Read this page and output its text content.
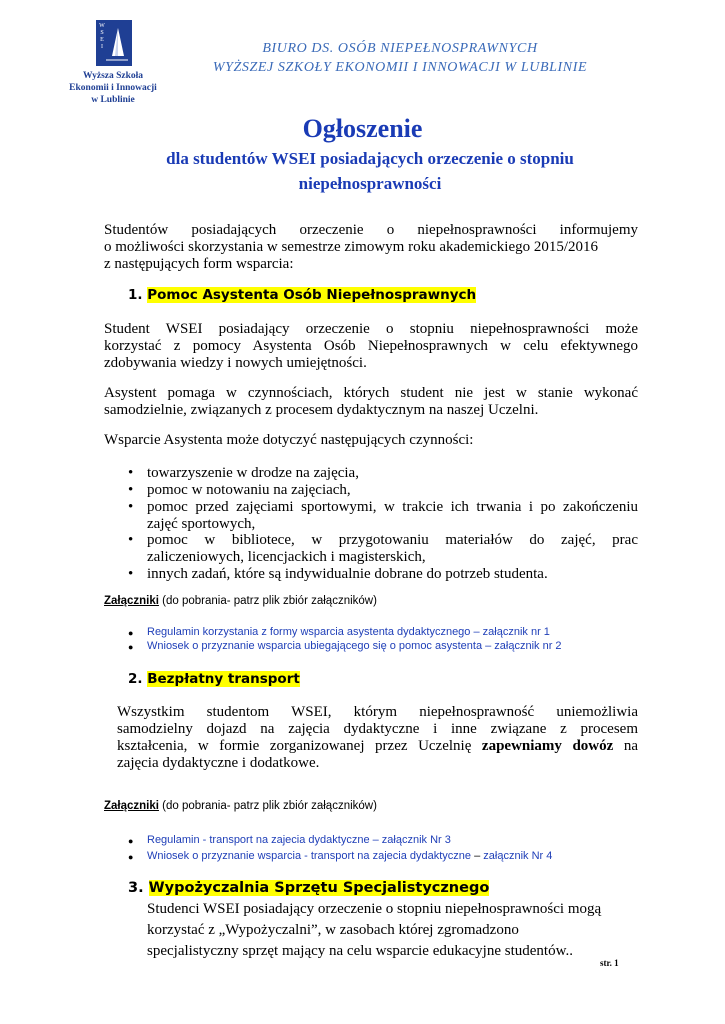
W
S
E
I
Wyższa Szkoła
Ekonomii i Innowacji
w Lublinie
BIURO DS. OSÓB NIEPEŁNOSPRAWNYCH
WYŻSZEJ SZKOŁY EKONOMII I INNOWACJI W LUBLINIE
Ogłoszenie
dla studentów WSEI posiadających orzeczenie o stopniu
niepełnosprawności
Studentów posiadających orzeczenie o niepełnosprawności informujemy
o możliwości skorzystania w semestrze zimowym roku akademickiego 2015/2016
z następujących form wsparcia:
1. Pomoc Asystenta Osób Niepełnosprawnych
Student WSEI posiadający orzeczenie o stopniu niepełnosprawności może
korzystać z pomocy Asystenta Osób Niepełnosprawnych w celu efektywnego
zdobywania wiedzy i nowych umiejętności.
Asystent pomaga w czynnościach, których student nie jest w stanie wykonać
samodzielnie, związanych z procesem dydaktycznym na naszej Uczelni.
Wsparcie Asystenta może dotyczyć następujących czynności:
• towarzyszenie w drodze na zajęcia,
• pomoc w notowaniu na zajęciach,
• pomoc przed zajęciami sportowymi, w trakcie ich trwania i po zakończeniu
zajęć sportowych,
• pomoc w bibliotece, w przygotowaniu materiałów do zajęć, prac
zaliczeniowych, licencjackich i magisterskich,
• innych zadań, które są indywidualnie dobrane do potrzeb studenta.
Załączniki (do pobrania- patrz plik zbiór załączników)
● Regulamin korzystania z formy wsparcia asystenta dydaktycznego – załącznik nr 1
● Wniosek o przyznanie wsparcia ubiegającego się o pomoc asystenta – załącznik nr 2
2. Bezpłatny transport
Wszystkim studentom WSEI, którym niepełnosprawność uniemożliwia
samodzielny dojazd na zajęcia dydaktyczne i inne związane z procesem
kształcenia, w formie zorganizowanej przez Uczelnię zapewniamy dowóz na
zajęcia dydaktyczne i dodatkowe.
Załączniki (do pobrania- patrz plik zbiór załączników)
● Regulamin - transport na zajecia dydaktyczne – załącznik Nr 3
● Wniosek o przyznanie wsparcia - transport na zajecia dydaktyczne – załącznik Nr 4
3. Wypożyczalnia Sprzętu Specjalistycznego
Studenci WSEI posiadający orzeczenie o stopniu niepełnosprawności mogą
korzystać z „Wypożyczalni”, w zasobach której zgromadzono
specjalistyczny sprzęt mający na celu wsparcie edukacyjne studentów..
str. 1
